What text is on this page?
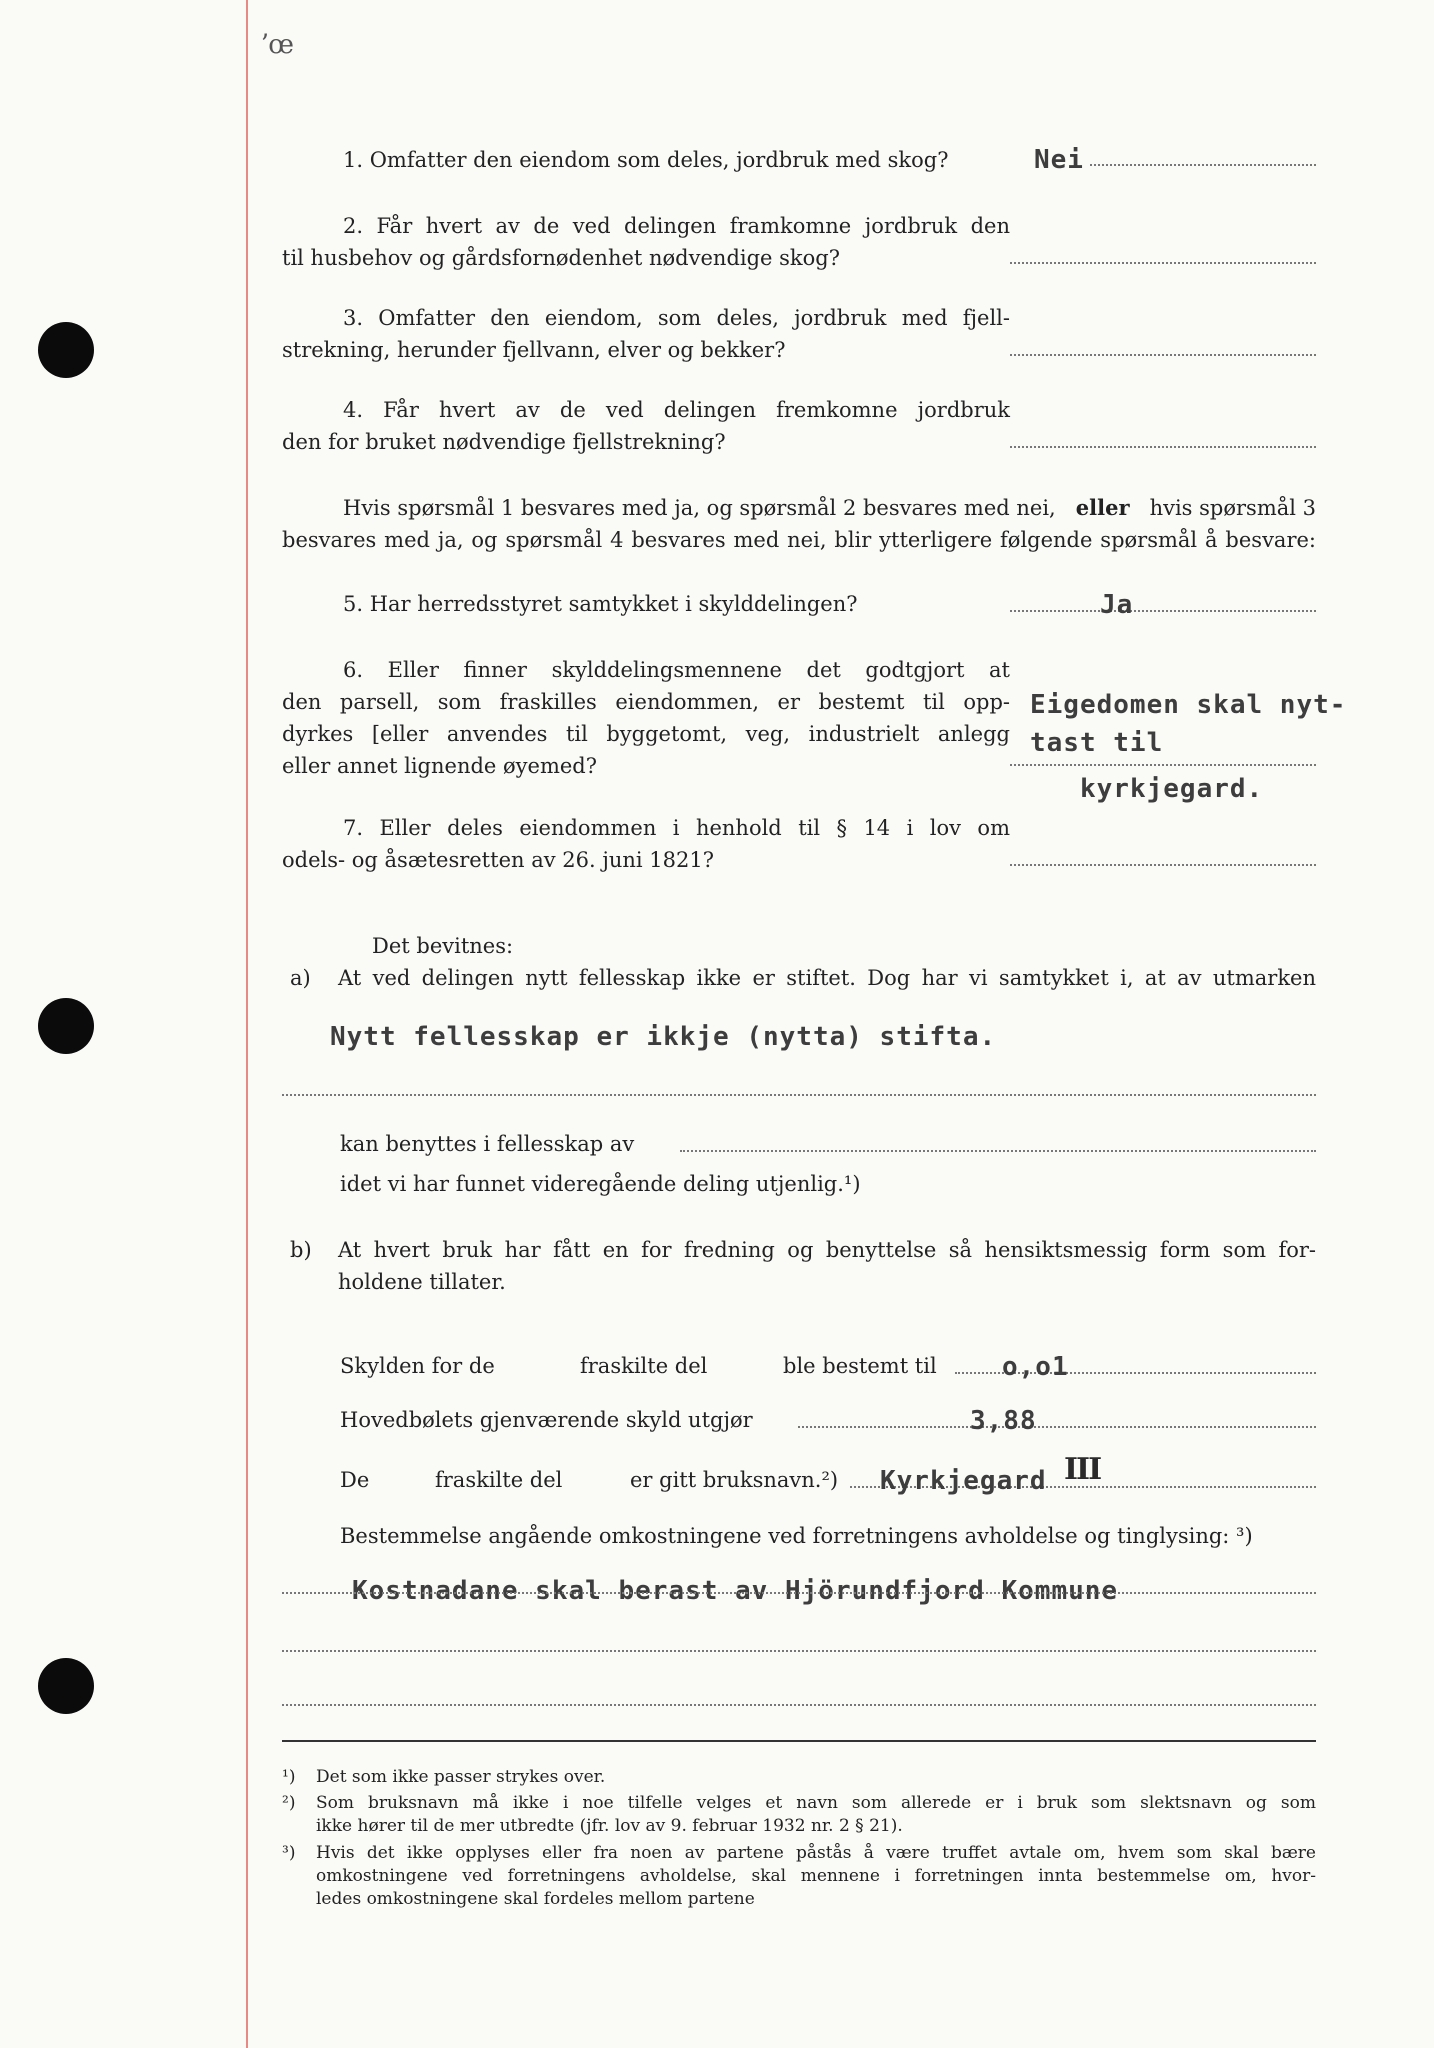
ʼœ
1. Omfatter den eiendom som deles, jordbruk med skog?	Nei
2. Får hvert av de ved delingen framkomne jordbruk den
til husbehov og gårdsfornødenhet nødvendige skog?
3. Omfatter den eiendom, som deles, jordbruk med fjell-
strekning, herunder fjellvann, elver og bekker?
4. Får hvert av de ved delingen fremkomne jordbruk
den for bruket nødvendige fjellstrekning?
Hvis spørsmål 1 besvares med ja, og spørsmål 2 besvares med nei, eller hvis spørsmål 3
besvares med ja, og spørsmål 4 besvares med nei, blir ytterligere følgende spørsmål å besvare:
5. Har herredsstyret samtykket i skylddelingen?	Ja
6. Eller finner skylddelingsmennene det godtgjort at
den parsell, som fraskilles eiendommen, er bestemt til opp-
dyrkes [eller anvendes til byggetomt, veg, industrielt anlegg
eller annet lignende øyemed?
Eigedomen skal nyt-
tast til
kyrkjegard.
7. Eller deles eiendommen i henhold til § 14 i lov om
odels- og åsætesretten av 26. juni 1821?
Det bevitnes:
a) At ved delingen nytt fellesskap ikke er stiftet. Dog har vi samtykket i, at av utmarken
Nytt fellesskap er ikkje (nytta) stifta.
kan benyttes i fellesskap av
idet vi har funnet videregående deling utjenlig.¹)
b) At hvert bruk har fått en for fredning og benyttelse så hensiktsmessig form som for-
holdene tillater.
Skylden for de	fraskilte del	ble bestemt til	o,o1
Hovedbølets gjenværende skyld utgjør	3,88
De	fraskilte del	er gitt bruksnavn.²) Kyrkjegard III
Bestemmelse angående omkostningene ved forretningens avholdelse og tinglysing: ³)
Kostnadane skal berast av Hjörundfjord Kommune
¹) Det som ikke passer strykes over.
²) Som bruksnavn må ikke i noe tilfelle velges et navn som allerede er i bruk som slektsnavn og som
ikke hører til de mer utbredte (jfr. lov av 9. februar 1932 nr. 2 § 21).
³) Hvis det ikke opplyses eller fra noen av partene påstås å være truffet avtale om, hvem som skal bære
omkostningene ved forretningens avholdelse, skal mennene i forretningen innta bestemmelse om, hvor-
ledes omkostningene skal fordeles mellom partene
